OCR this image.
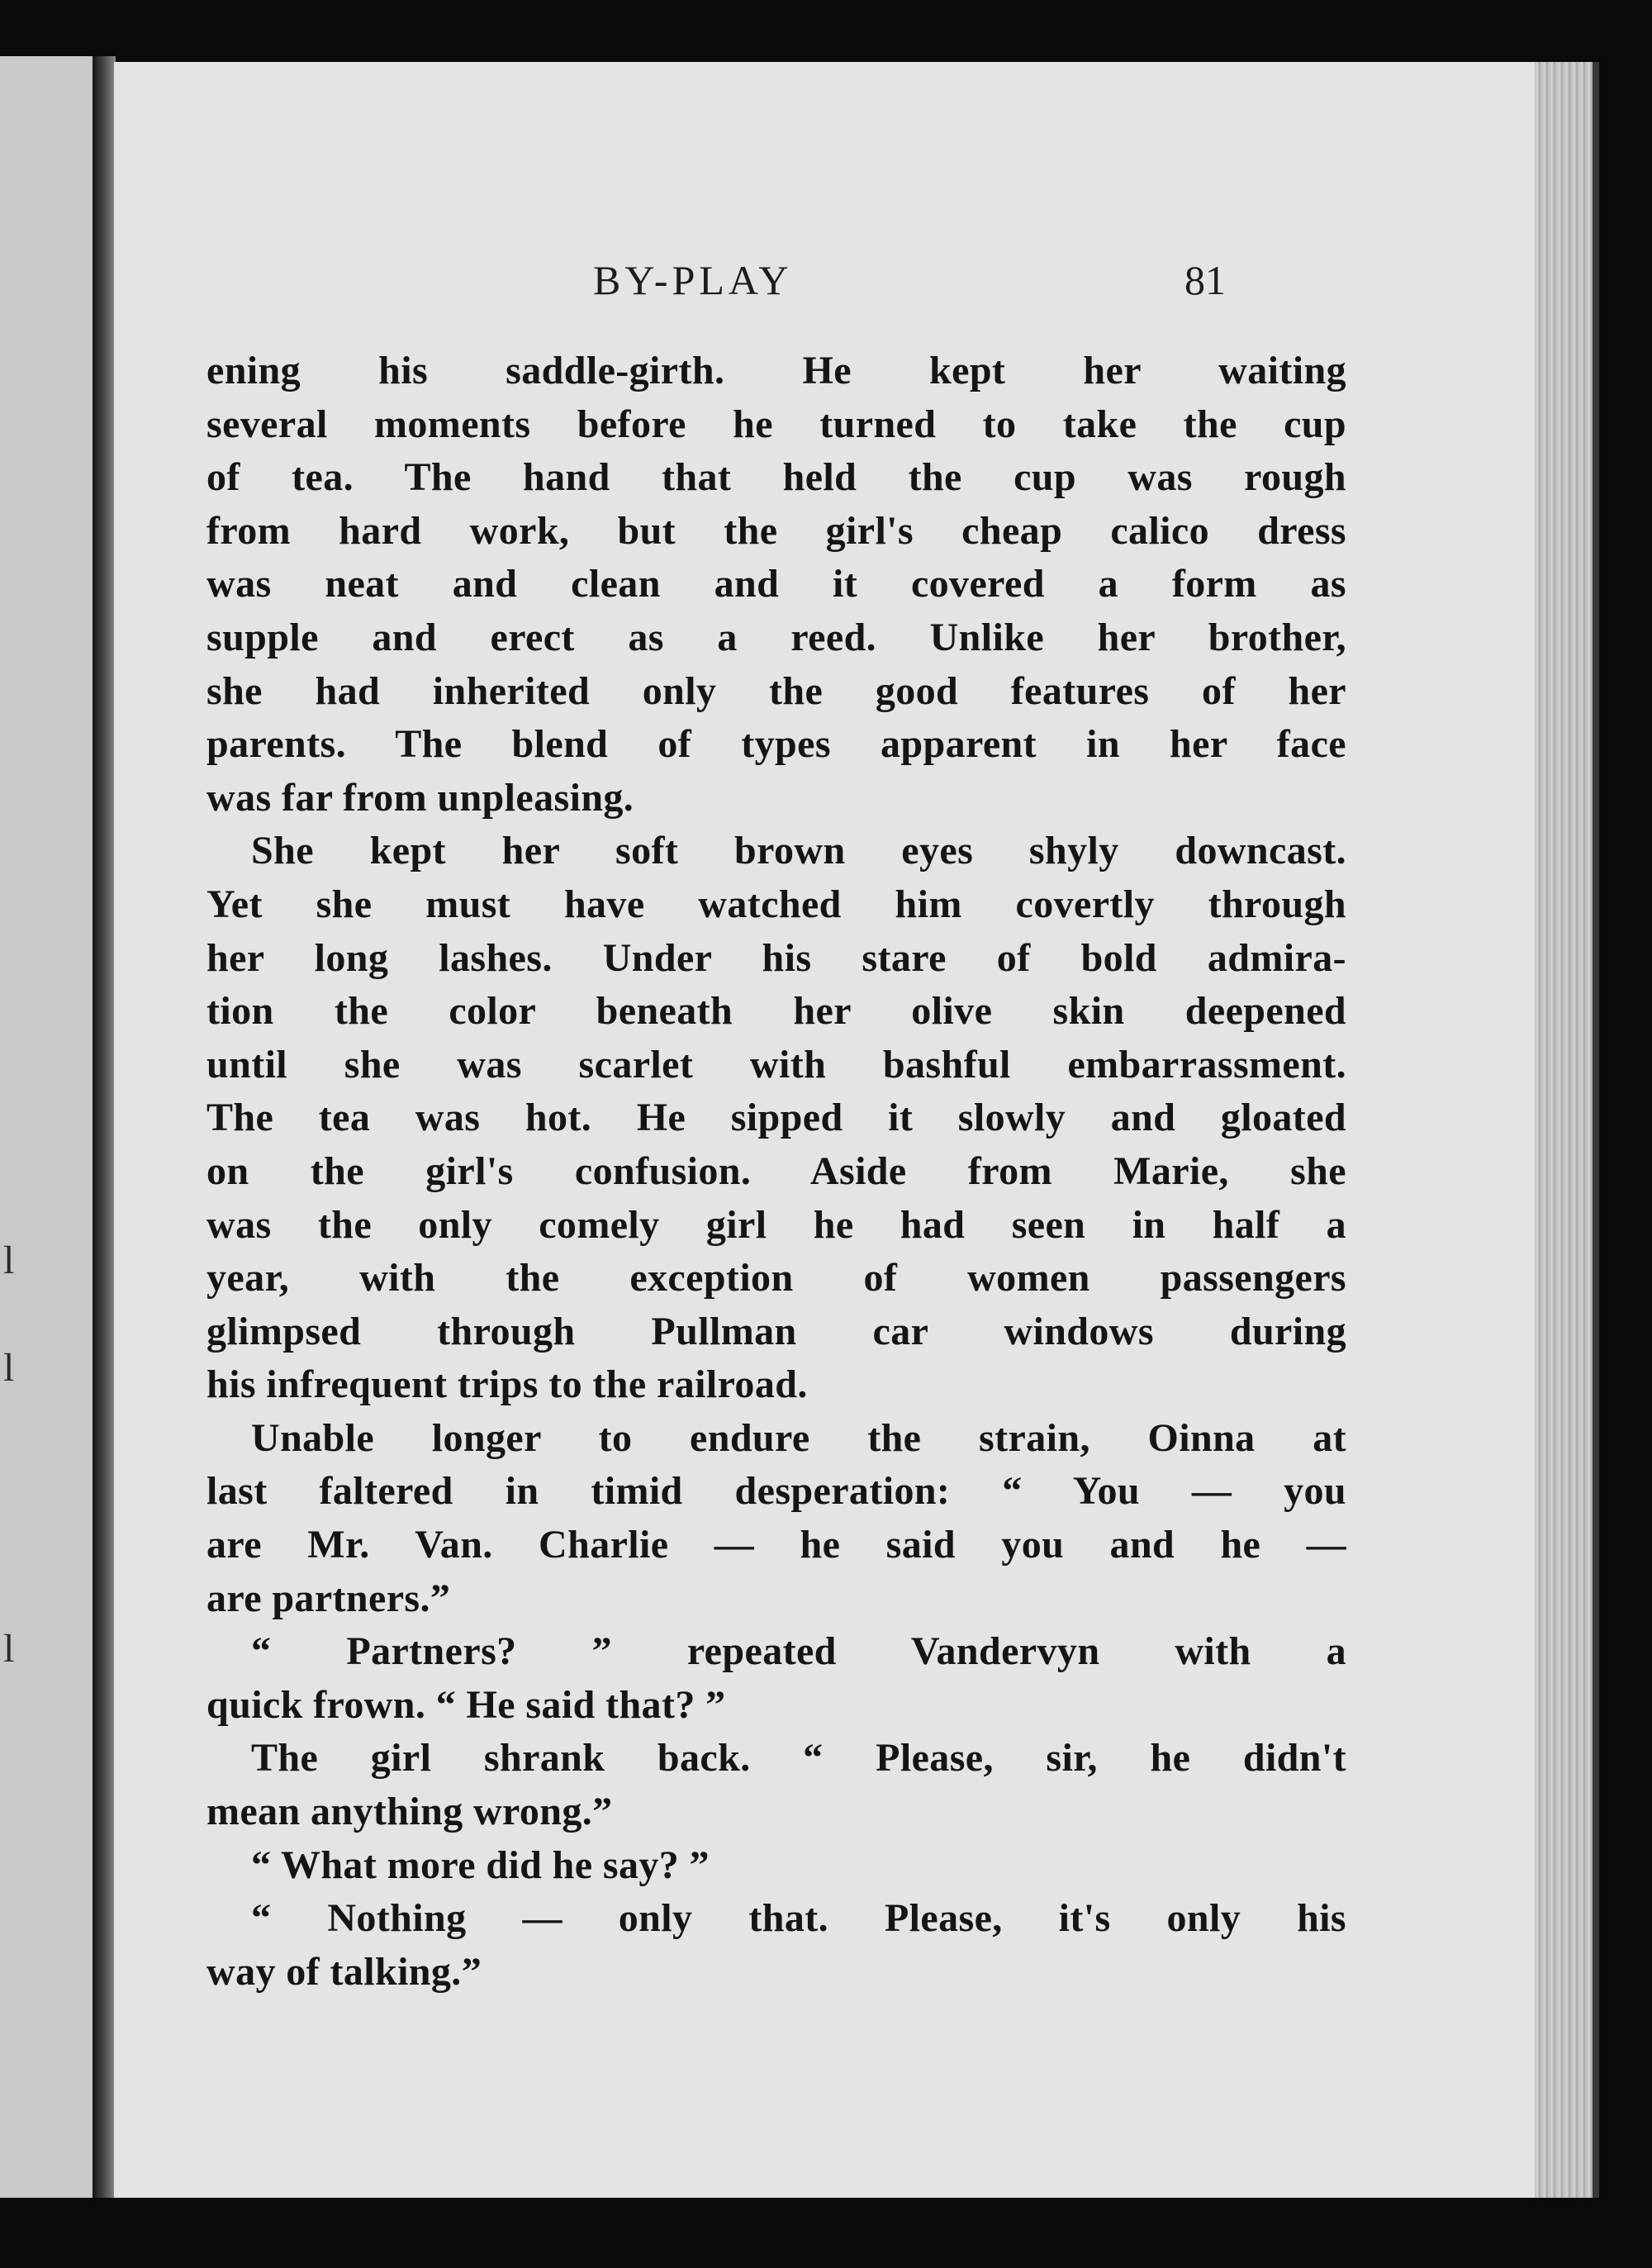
l
l
l
BY-PLAY	81
ening his saddle-girth. He kept her waiting
several moments before he turned to take the cup
of tea. The hand that held the cup was rough
from hard work, but the girl's cheap calico dress
was neat and clean and it covered a form as
supple and erect as a reed. Unlike her brother,
she had inherited only the good features of her
parents. The blend of types apparent in her face
was far from unpleasing.
She kept her soft brown eyes shyly downcast.
Yet she must have watched him covertly through
her long lashes. Under his stare of bold admira-
tion the color beneath her olive skin deepened
until she was scarlet with bashful embarrassment.
The tea was hot. He sipped it slowly and gloated
on the girl's confusion. Aside from Marie, she
was the only comely girl he had seen in half a
year, with the exception of women passengers
glimpsed through Pullman car windows during
his infrequent trips to the railroad.
Unable longer to endure the strain, Oinna at
last faltered in timid desperation: “ You — you
are Mr. Van. Charlie — he said you and he —
are partners.”
“ Partners? ” repeated Vandervyn with a
quick frown. “ He said that? ”
The girl shrank back. “ Please, sir, he didn't
mean anything wrong.”
“ What more did he say? ”
“ Nothing — only that. Please, it's only his
way of talking.”
